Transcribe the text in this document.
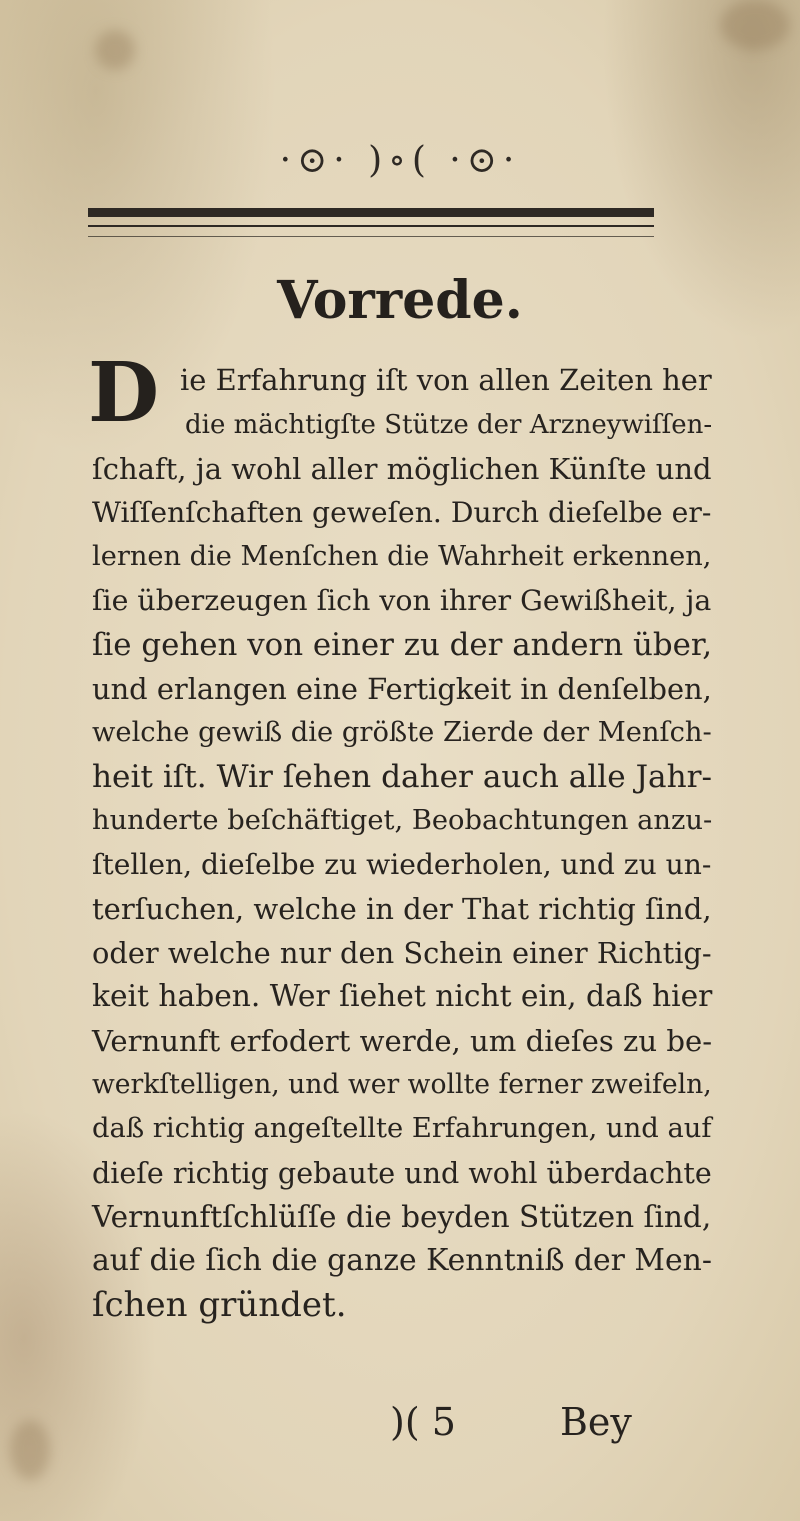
·⊙· )∘( ·⊙·
Vorrede.
D ie Erfahrung iſt von allen Zeiten her
die mächtigſte Stütze der Arzneywiſſen-
ſchaft, ja wohl aller möglichen Künſte und
Wiſſenſchaften geweſen. Durch dieſelbe er-
lernen die Menſchen die Wahrheit erkennen,
ſie überzeugen ſich von ihrer Gewißheit, ja
ſie gehen von einer zu der andern über,
und erlangen eine Fertigkeit in denſelben,
welche gewiß die größte Zierde der Menſch-
heit iſt. Wir ſehen daher auch alle Jahr-
hunderte beſchäftiget, Beobachtungen anzu-
ſtellen, dieſelbe zu wiederholen, und zu un-
terſuchen, welche in der That richtig ſind,
oder welche nur den Schein einer Richtig-
keit haben. Wer ſiehet nicht ein, daß hier
Vernunft erfodert werde, um dieſes zu be-
werkſtelligen, und wer wollte ferner zweifeln,
daß richtig angeſtellte Erfahrungen, und auf
dieſe richtig gebaute und wohl überdachte
Vernunftſchlüſſe die beyden Stützen ſind,
auf die ſich die ganze Kenntniß der Men-
ſchen gründet.
)( 5	Bey
